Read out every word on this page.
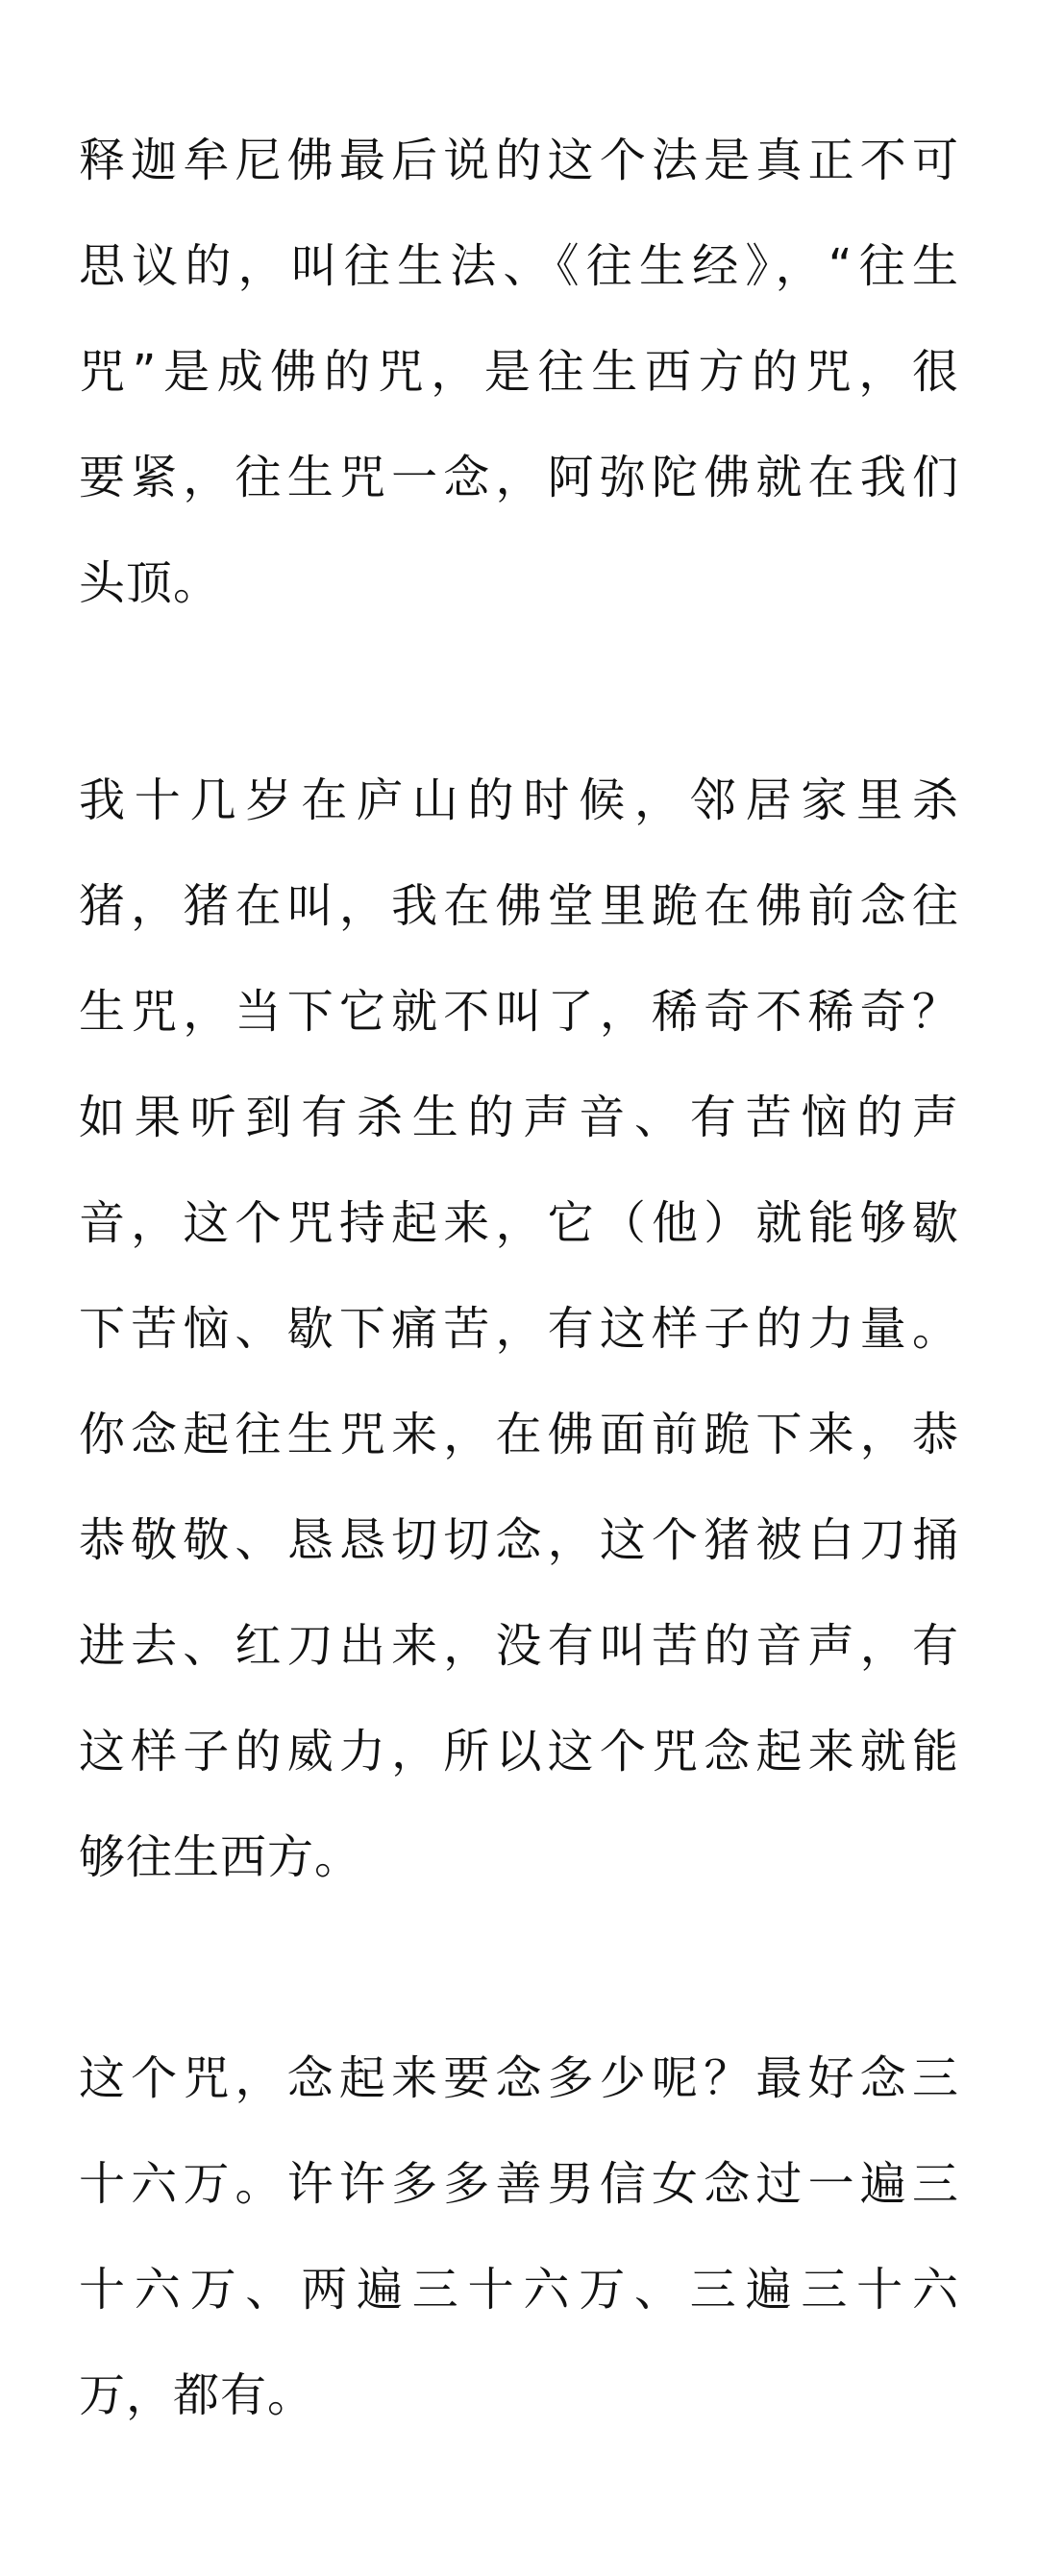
释迦牟尼佛最后说的这个法是真正不可
思议的，叫往生法、《往生经》，“往生
咒”是成佛的咒，是往生西方的咒，很
要紧，往生咒一念，阿弥陀佛就在我们
头顶。
我十几岁在庐山的时候，邻居家里杀
猪，猪在叫，我在佛堂里跪在佛前念往
生咒，当下它就不叫了，稀奇不稀奇？
如果听到有杀生的声音、有苦恼的声
音，这个咒持起来，它（他）就能够歇
下苦恼、歇下痛苦，有这样子的力量。
你念起往生咒来，在佛面前跪下来，恭
恭敬敬、恳恳切切念，这个猪被白刀捅
进去、红刀出来，没有叫苦的音声，有
这样子的威力，所以这个咒念起来就能
够往生西方。
这个咒，念起来要念多少呢？最好念三
十六万。许许多多善男信女念过一遍三
十六万、两遍三十六万、三遍三十六
万，都有。
